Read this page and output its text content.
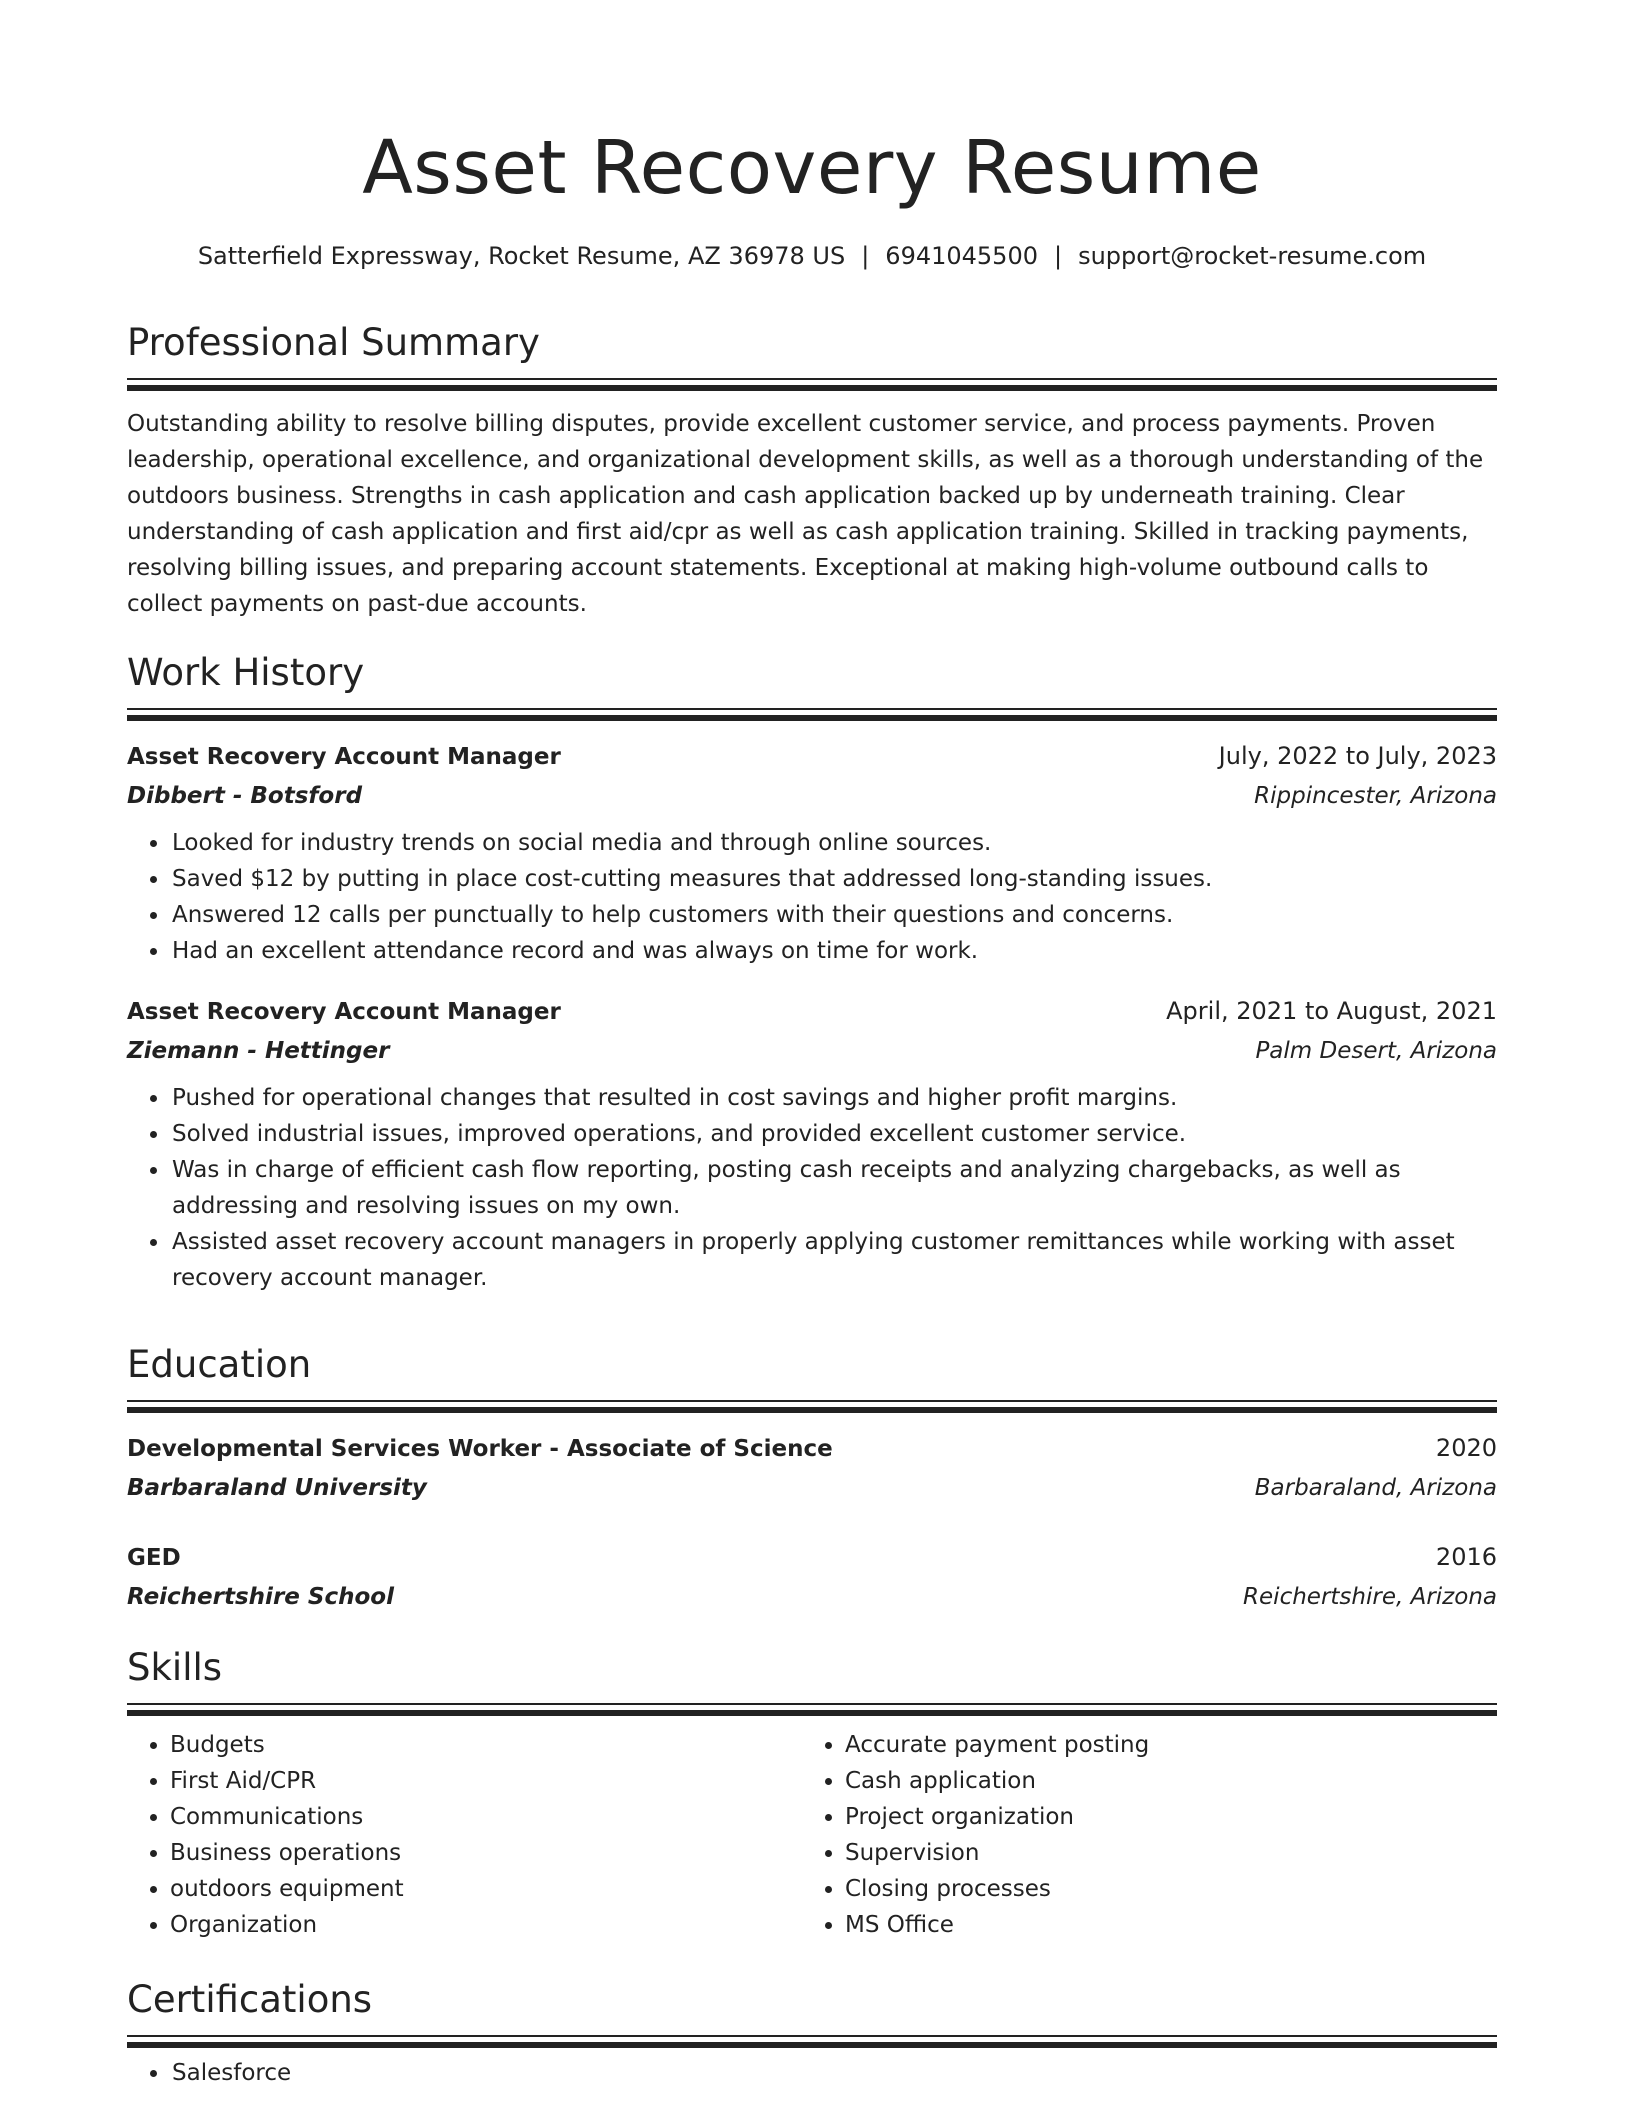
Asset Recovery Resume
Satterfield Expressway, Rocket Resume, AZ 36978 US | 6941045500 | support@rocket-resume.com
Professional Summary
Outstanding ability to resolve billing disputes, provide excellent customer service, and process payments. Proven leadership, operational excellence, and organizational development skills, as well as a thorough understanding of the outdoors business. Strengths in cash application and cash application backed up by underneath training. Clear understanding of cash application and first aid/cpr as well as cash application training. Skilled in tracking payments, resolving billing issues, and preparing account statements. Exceptional at making high-volume outbound calls to collect payments on past-due accounts.
Work History
Asset Recovery Account Manager	July, 2022 to July, 2023
Dibbert - Botsford	Rippincester, Arizona
• Looked for industry trends on social media and through online sources.
• Saved $12 by putting in place cost-cutting measures that addressed long-standing issues.
• Answered 12 calls per punctually to help customers with their questions and concerns.
• Had an excellent attendance record and was always on time for work.
Asset Recovery Account Manager	April, 2021 to August, 2021
Ziemann - Hettinger	Palm Desert, Arizona
• Pushed for operational changes that resulted in cost savings and higher profit margins.
• Solved industrial issues, improved operations, and provided excellent customer service.
• Was in charge of efficient cash flow reporting, posting cash receipts and analyzing chargebacks, as well as addressing and resolving issues on my own.
• Assisted asset recovery account managers in properly applying customer remittances while working with asset recovery account manager.
Education
Developmental Services Worker - Associate of Science	2020
Barbaraland University	Barbaraland, Arizona
GED	2016
Reichertshire School	Reichertshire, Arizona
Skills
• Budgets
• First Aid/CPR
• Communications
• Business operations
• outdoors equipment
• Organization
• Accurate payment posting
• Cash application
• Project organization
• Supervision
• Closing processes
• MS Office
Certifications
• Salesforce
